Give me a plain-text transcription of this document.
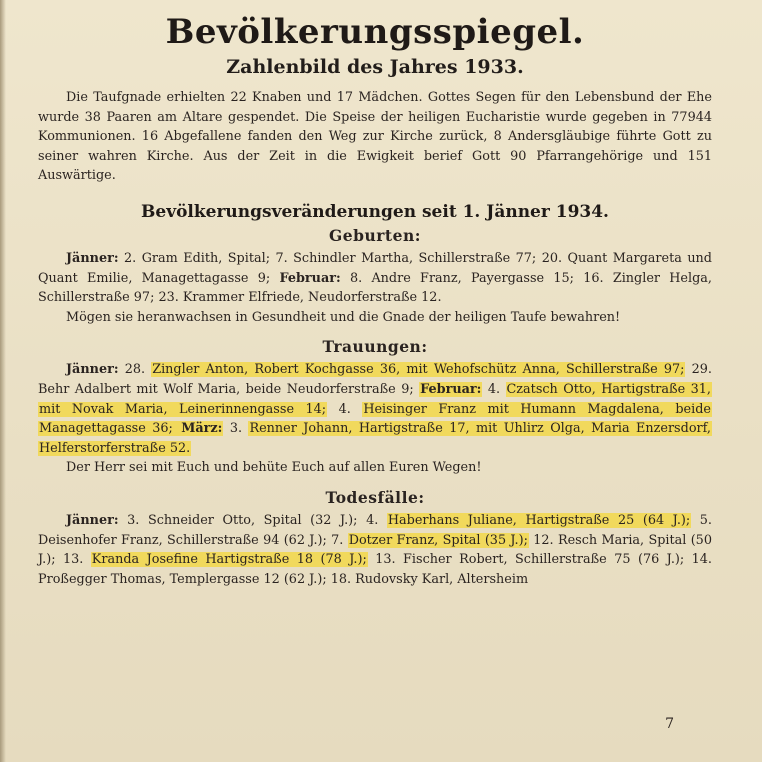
Bevölkerungsspiegel.
Zahlenbild des Jahres 1933.

Die Taufgnade erhielten 22 Knaben und 17 Mädchen. Gottes Segen für den Lebensbund der Ehe wurde 38 Paaren am Altare gespendet. Die Speise der heiligen Eucharistie wurde gegeben in 77944 Kommunionen. 16 Abgefallene fanden den Weg zur Kirche zurück, 8 Andersgläubige führte Gott zu seiner wahren Kirche. Aus der Zeit in die Ewigkeit berief Gott 90 Pfarrangehörige und 151 Auswärtige.

Bevölkerungsveränderungen seit 1. Jänner 1934.
Geburten:

Jänner: 2. Gram Edith, Spital; 7. Schindler Martha, Schillerstraße 77; 20. Quant Margareta und Quant Emilie, Managettagasse 9; Februar: 8. Andre Franz, Payergasse 15; 16. Zingler Helga, Schillerstraße 97; 23. Krammer Elfriede, Neudorferstraße 12.

Mögen sie heranwachsen in Gesundheit und die Gnade der heiligen Taufe bewahren!

Trauungen:

Jänner: 28. Zingler Anton, Robert Kochgasse 36, mit Wehofschütz Anna, Schillerstraße 97; 29. Behr Adalbert mit Wolf Maria, beide Neudorferstraße 9; Februar: 4. Czatsch Otto, Hartigstraße 31, mit Novak Maria, Leinerinnengasse 14; 4. Heisinger Franz mit Humann Magdalena, beide Managettagasse 36; März: 3. Renner Johann, Hartigstraße 17, mit Uhlirz Olga, Maria Enzersdorf, Helferstorferstraße 52.

Der Herr sei mit Euch und behüte Euch auf allen Euren Wegen!

Todesfälle:

Jänner: 3. Schneider Otto, Spital (32 J.); 4. Haberhans Juliane, Hartigstraße 25 (64 J.); 5. Deisenhofer Franz, Schillerstraße 94 (62 J.); 7. Dotzer Franz, Spital (35 J.); 12. Resch Maria, Spital (50 J.); 13. Kranda Josefine Hartigstraße 18 (78 J.); 13. Fischer Robert, Schillerstraße 75 (76 J.); 14. Proßegger Thomas, Templergasse 12 (62 J.); 18. Rudovsky Karl, Altersheim

7
